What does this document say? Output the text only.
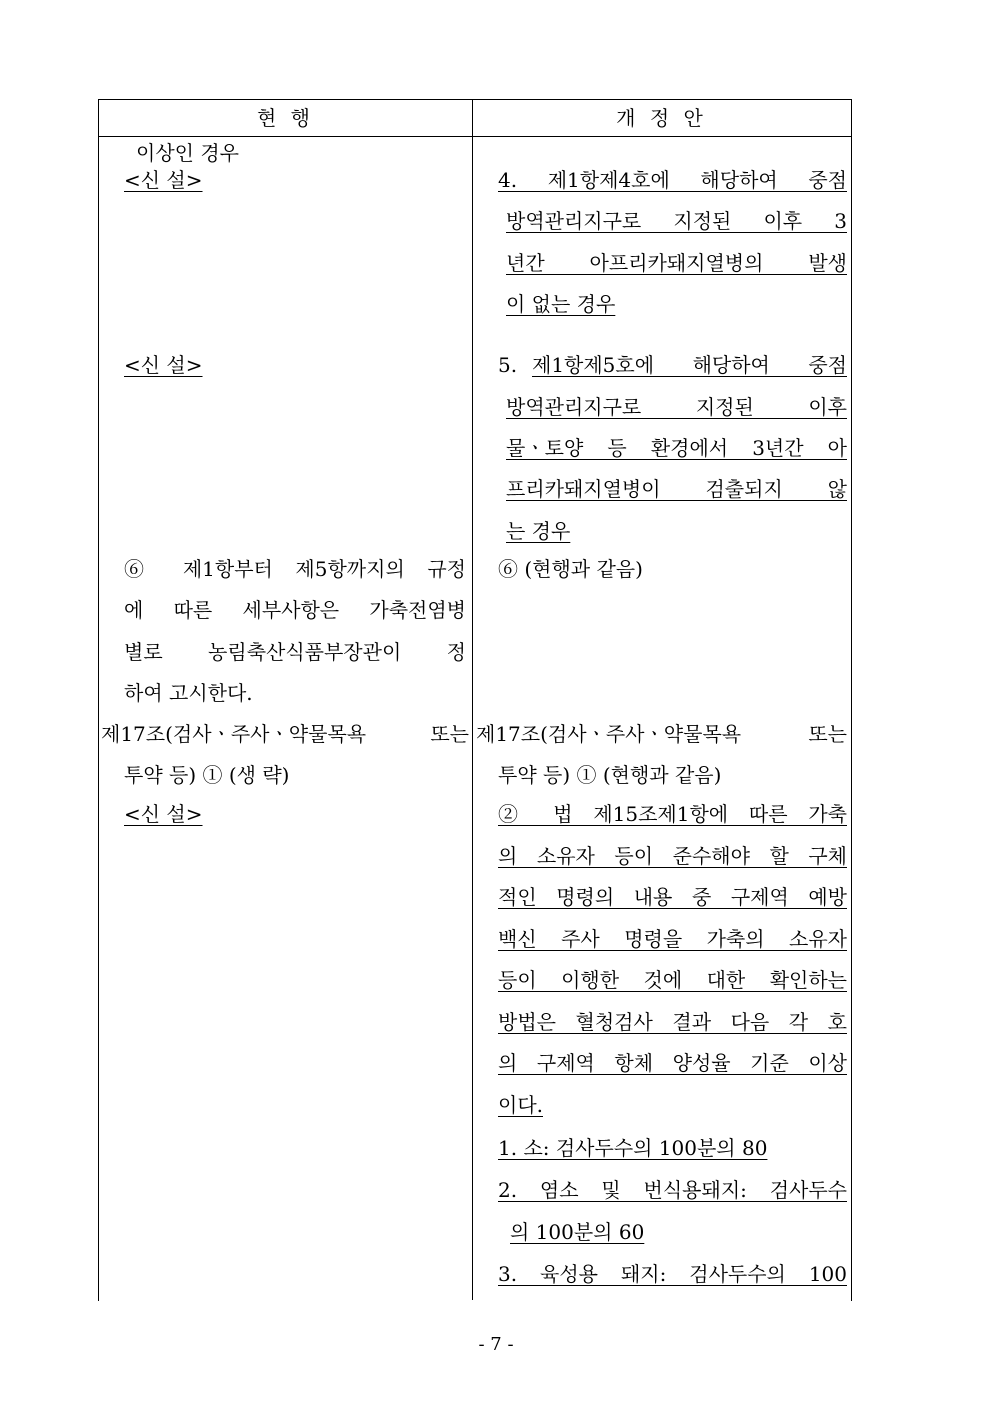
현 행	개 정 안
이상인 경우
<신 설>
<신 설>
⑥ 제1항부터 제5항까지의 규정
에 따른 세부사항은 가축전염병
별로 농림축산식품부장관이 정
하여 고시한다.
제17조(검사ㆍ주사ㆍ약물목욕 또는
투약 등) ① (생 략)
<신 설>
4. 제1항제4호에 해당하여 중점
방역관리지구로 지정된 이후 3
년간 아프리카돼지열병의 발생
이 없는 경우
5. 제1항제5호에 해당하여 중점
방역관리지구로 지정된 이후
물ㆍ토양 등 환경에서 3년간 아
프리카돼지열병이 검출되지 않
는 경우
⑥ (현행과 같음)
제17조(검사ㆍ주사ㆍ약물목욕 또는
투약 등) ① (현행과 같음)
② 법 제15조제1항에 따른 가축
의 소유자 등이 준수해야 할 구체
적인 명령의 내용 중 구제역 예방
백신 주사 명령을 가축의 소유자
등이 이행한 것에 대한 확인하는
방법은 혈청검사 결과 다음 각 호
의 구제역 항체 양성율 기준 이상
이다.
1. 소: 검사두수의 100분의 80
2. 염소 및 번식용돼지: 검사두수
의 100분의 60
3. 육성용 돼지: 검사두수의 100
- 7 -
